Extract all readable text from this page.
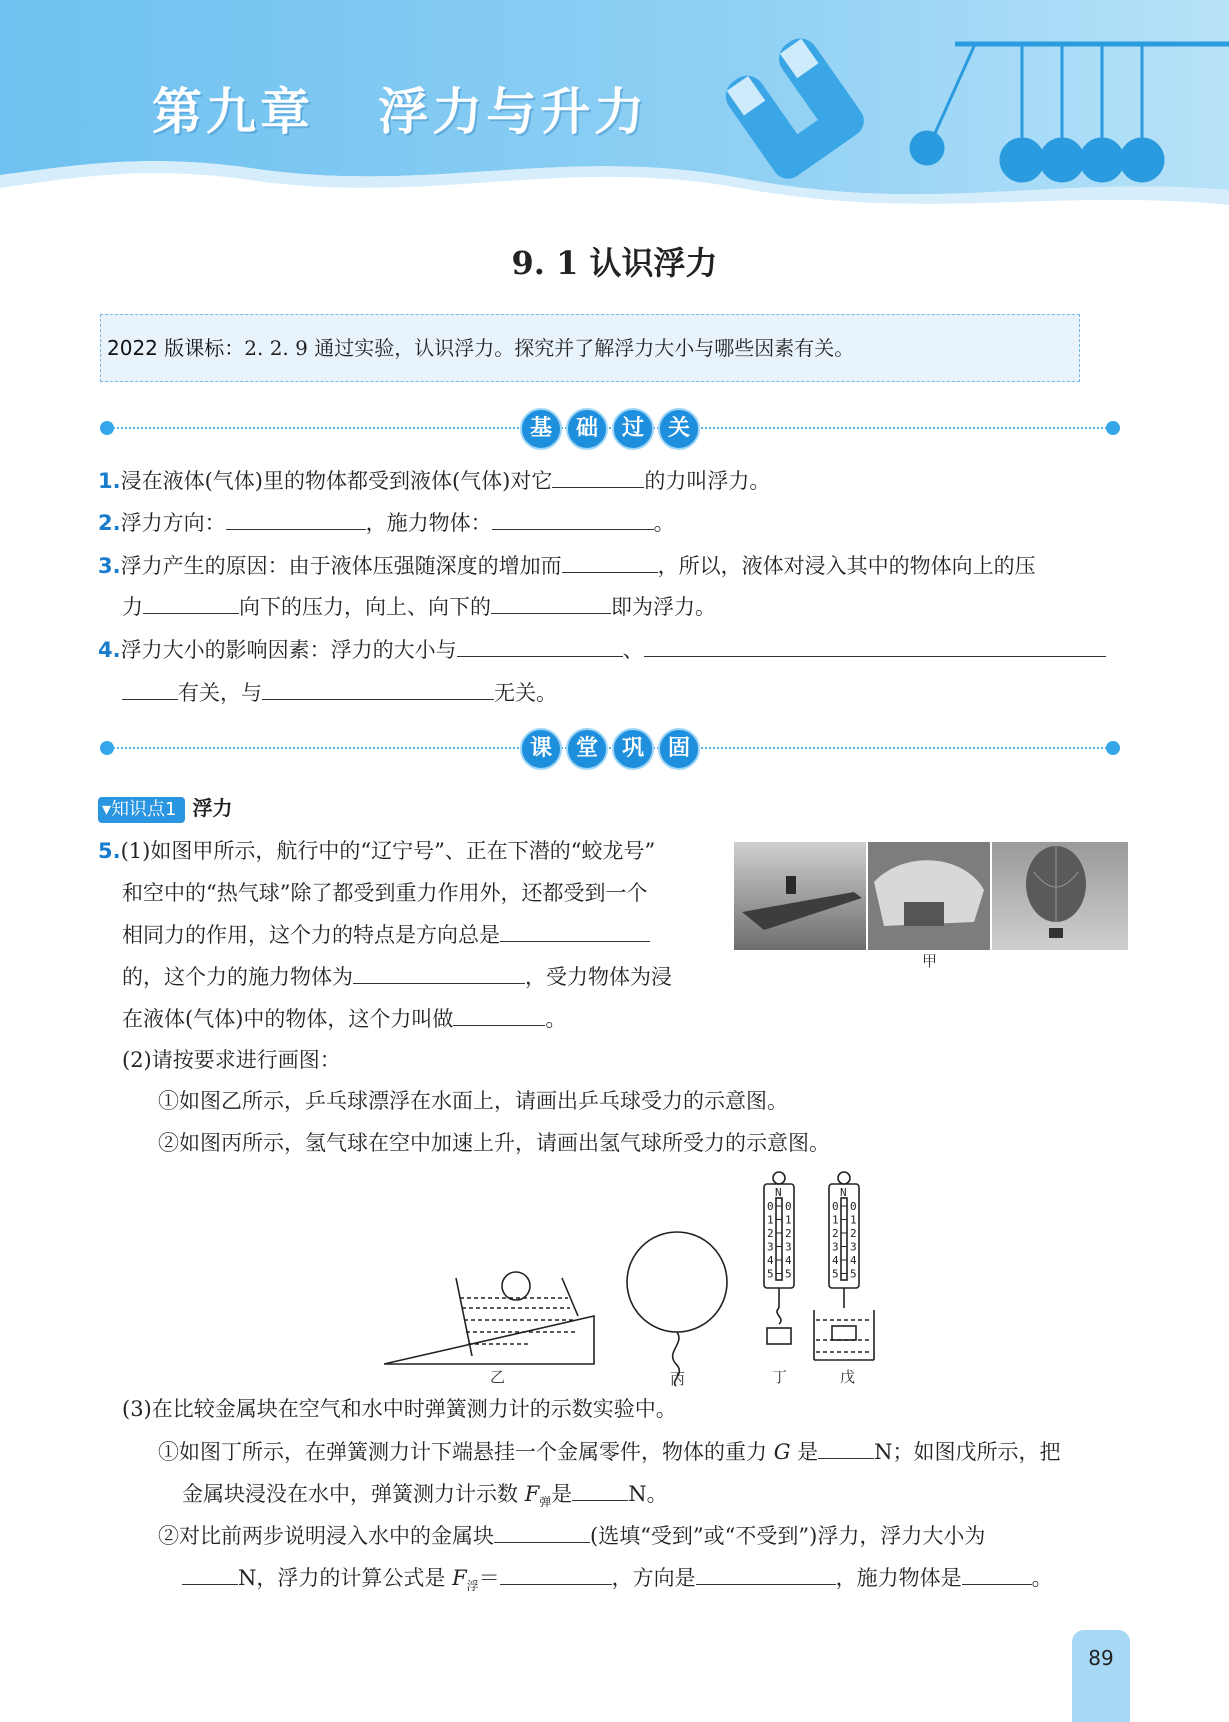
第九章   浮力与升力
9. 1 认识浮力
2022 版课标：2. 2. 9 通过实验，认识浮力。探究并了解浮力大小与哪些因素有关。
基 础 过 关
1.浸在液体(气体)里的物体都受到液体(气体)对它	的力叫浮力。
2.浮力方向：	，施力物体：	。
3.浮力产生的原因：由于液体压强随深度的增加而	，所以，液体对浸入其中的物体向上的压
力	向下的压力，向上、向下的	即为浮力。
4.浮力大小的影响因素：浮力的大小与	、
有关，与	无关。
课 堂 巩 固
▾知识点1 浮力
5.(1)如图甲所示，航行中的“辽宁号”、正在下潜的“蛟龙号”
和空中的“热气球”除了都受到重力作用外，还都受到一个
相同力的作用，这个力的特点是方向总是
的，这个力的施力物体为	，受力物体为浸
在液体(气体)中的物体，这个力叫做	。
(2)请按要求进行画图：
①如图乙所示，乒乓球漂浮在水面上，请画出乒乓球受力的示意图。
②如图丙所示，氢气球在空中加速上升，请画出氢气球所受力的示意图。
甲
N	N
0 0
1 1
2 2
3 3
4 4
5 5
0 0
1 1
2 2
3 3
4 4
5 5
乙	丙	丁	戊
(3)在比较金属块在空气和水中时弹簧测力计的示数实验中。
①如图丁所示，在弹簧测力计下端悬挂一个金属零件，物体的重力 G 是	N；如图戊所示，把
金属块浸没在水中，弹簧测力计示数 $F_弹$是	N。
②对比前两步说明浸入水中的金属块	(选填“受到”或“不受到”)浮力，浮力大小为
N，浮力的计算公式是 $F_浮=$	，方向是	，施力物体是	。
89
